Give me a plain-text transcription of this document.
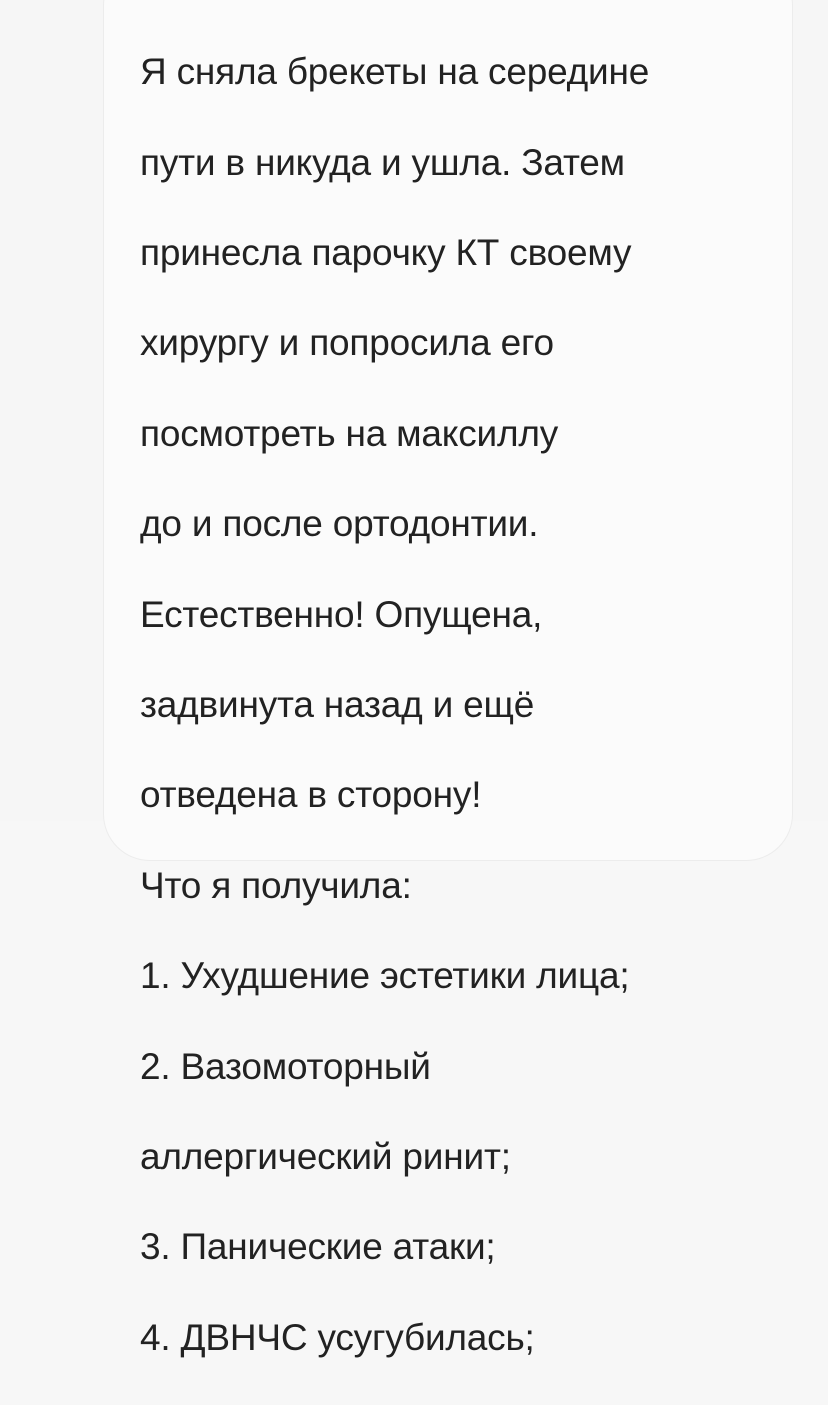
Я сняла брекеты на середине

пути в никуда и ушла. Затем

принесла парочку КТ своему

хирургу и попросила его

посмотреть на максиллу

до и после ортодонтии.

Естественно! Опущена,

задвинута назад и ещё

отведена в сторону!

Что я получила:

1. Ухудшение эстетики лица;

2. Вазомоторный

аллергический ринит;

3. Панические атаки;

4. ДВНЧС усугубилась;
